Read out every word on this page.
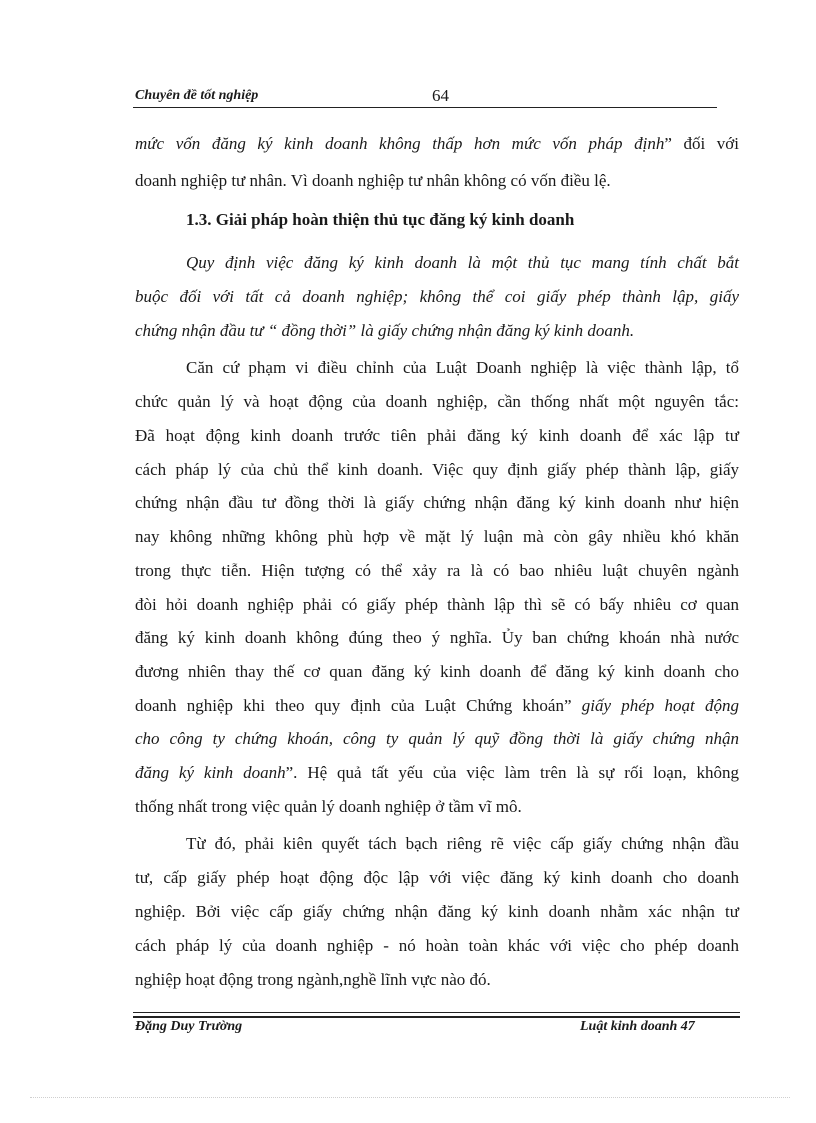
Chuyên đề tốt nghiệp	64
mức vốn đăng ký kinh doanh không thấp hơn mức vốn pháp định” đối với
doanh nghiệp tư nhân. Vì doanh nghiệp tư nhân không có vốn điều lệ.
1.3. Giải pháp hoàn thiện thủ tục đăng ký kinh doanh
Quy định việc đăng ký kinh doanh là một thủ tục mang tính chất bắt
buộc đối với tất cả doanh nghiệp; không thể coi giấy phép thành lập, giấy
chứng nhận đầu tư “ đồng thời” là giấy chứng nhận đăng ký kinh doanh.
Căn cứ phạm vi điều chỉnh của Luật Doanh nghiệp là việc thành lập, tổ
chức quản lý và hoạt động của doanh nghiệp, cần thống nhất một nguyên tắc:
Đã hoạt động kinh doanh trước tiên phải đăng ký kinh doanh để xác lập tư
cách pháp lý của chủ thể kinh doanh. Việc quy định giấy phép thành lập, giấy
chứng nhận đầu tư đồng thời là giấy chứng nhận đăng ký kinh doanh như hiện
nay không những không phù hợp về mặt lý luận mà còn gây nhiều khó khăn
trong thực tiễn. Hiện tượng có thể xảy ra là có bao nhiêu luật chuyên ngành
đòi hỏi doanh nghiệp phải có giấy phép thành lập thì sẽ có bấy nhiêu cơ quan
đăng ký kinh doanh không đúng theo ý nghĩa. Ủy ban chứng khoán nhà nước
đương nhiên thay thế cơ quan đăng ký kinh doanh để đăng ký kinh doanh cho
doanh nghiệp khi theo quy định của Luật Chứng khoán” giấy phép hoạt động
cho công ty chứng khoán, công ty quản lý quỹ đồng thời là giấy chứng nhận
đăng ký kinh doanh”. Hệ quả tất yếu của việc làm trên là sự rối loạn, không
thống nhất trong việc quản lý doanh nghiệp ở tầm vĩ mô.
Từ đó, phải kiên quyết tách bạch riêng rẽ việc cấp giấy chứng nhận đầu
tư, cấp giấy phép hoạt động độc lập với việc đăng ký kinh doanh cho doanh
nghiệp. Bởi việc cấp giấy chứng nhận đăng ký kinh doanh nhằm xác nhận tư
cách pháp lý của doanh nghiệp - nó hoàn toàn khác với việc cho phép doanh
nghiệp hoạt động trong ngành,nghề lĩnh vực nào đó.
Đặng Duy Trường	Luật kinh doanh 47
